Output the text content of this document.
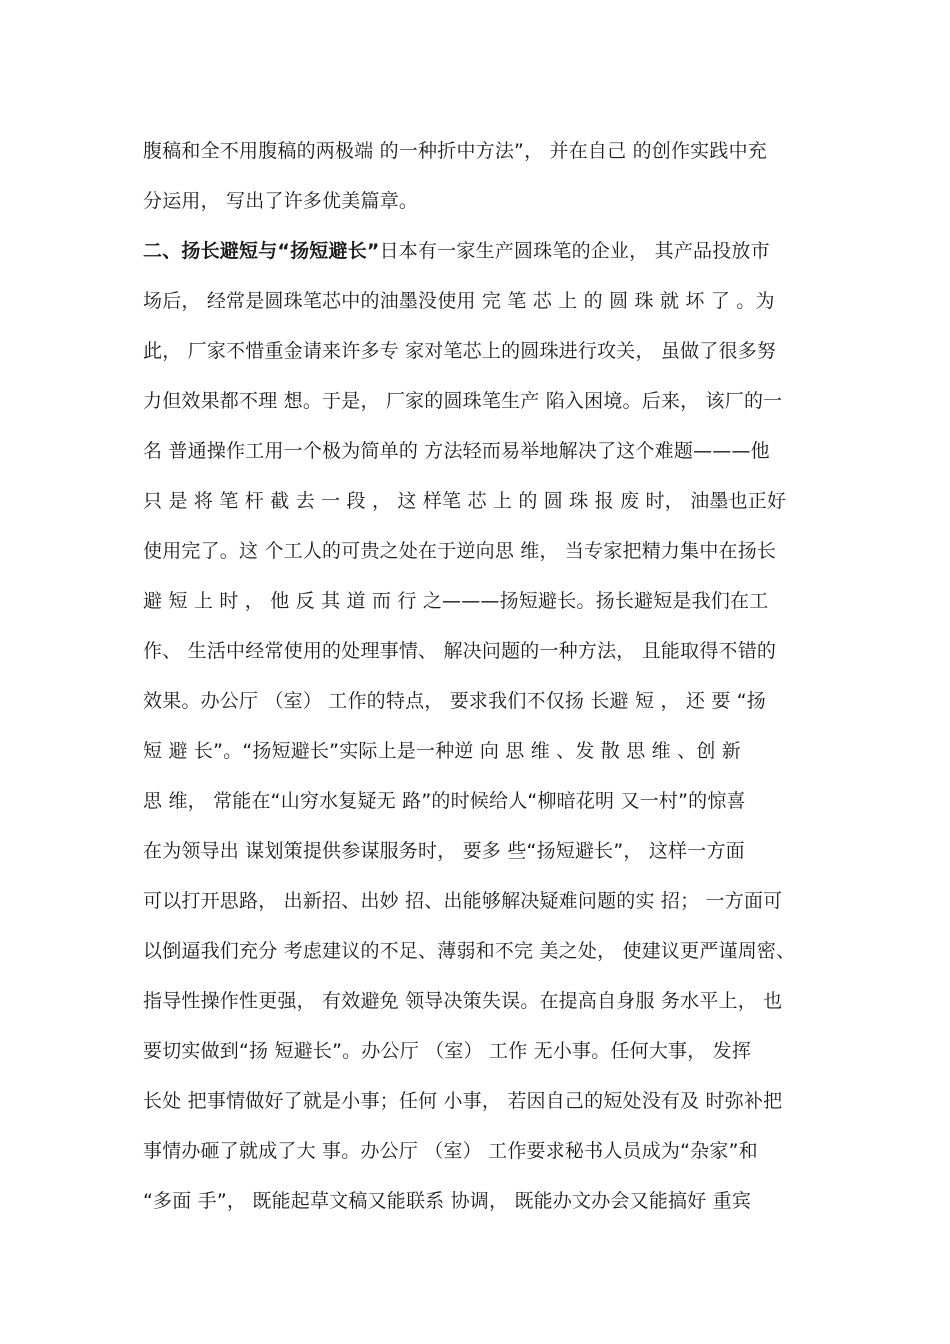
腹稿和全不用腹稿的两极端 的一种折中方法”， 并在自己 的创作实践中充
分运用， 写出了许多优美篇章。
二、扬长避短与“扬短避长”日本有一家生产圆珠笔的企业， 其产品投放市
场后， 经常是圆珠笔芯中的油墨没使用 完 笔 芯 上 的 圆 珠 就 坏 了 。为
此， 厂家不惜重金请来许多专 家对笔芯上的圆珠进行攻关， 虽做了很多努
力但效果都不理 想。于是， 厂家的圆珠笔生产 陷入困境。后来， 该厂的一
名 普通操作工用一个极为简单的 方法轻而易举地解决了这个难题———他
只 是 将 笔 杆 截 去 一 段 ， 这 样笔 芯 上 的 圆 珠 报 废 时， 油墨也正好
使用完了。这 个工人的可贵之处在于逆向思 维， 当专家把精力集中在扬长
避 短 上 时 ， 他 反 其 道 而 行 之———扬短避长。扬长避短是我们在工
作、 生活中经常使用的处理事情、 解决问题的一种方法， 且能取得不错的
效果。办公厅 （室） 工作的特点， 要求我们不仅扬 长避 短 ， 还 要 “扬
短 避 长”。“扬短避长”实际上是一种逆 向 思 维 、发 散 思 维 、创 新
思 维， 常能在“山穷水复疑无 路”的时候给人“柳暗花明 又一村”的惊喜
在为领导出 谋划策提供参谋服务时， 要多 些“扬短避长”， 这样一方面
可以打开思路， 出新招、出妙 招、出能够解决疑难问题的实 招； 一方面可
以倒逼我们充分 考虑建议的不足、薄弱和不完 美之处， 使建议更严谨周密、
指导性操作性更强， 有效避免 领导决策失误。在提高自身服 务水平上， 也
要切实做到“扬 短避长”。办公厅 （室） 工作 无小事。任何大事， 发挥
长处 把事情做好了就是小事；任何 小事， 若因自己的短处没有及 时弥补把
事情办砸了就成了大 事。办公厅 （室） 工作要求秘书人员成为“杂家”和
“多面 手”， 既能起草文稿又能联系 协调， 既能办文办会又能搞好 重宾
